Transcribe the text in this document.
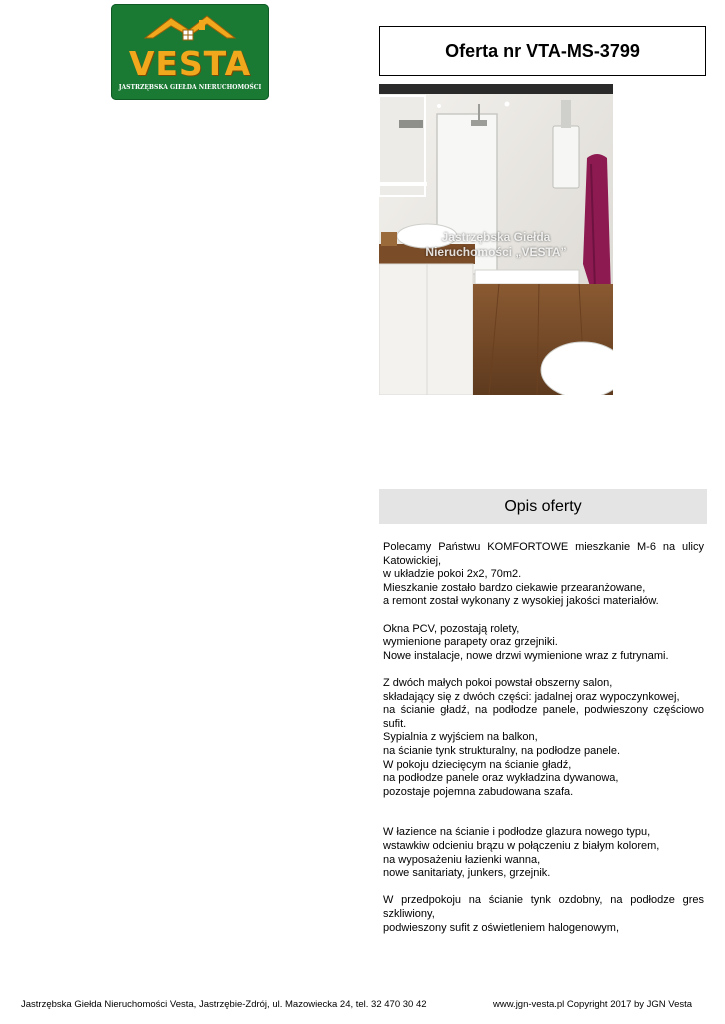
VESTA
JASTRZĘBSKA GIEŁDA NIERUCHOMOŚCI
Oferta nr VTA-MS-3799
Jastrzębska Giełda
Nieruchomości „VESTA”
Opis oferty

Polecamy Państwu KOMFORTOWE mieszkanie M-6 na ulicy Katowickiej,
w układzie pokoi 2x2, 70m2.
Mieszkanie zostało bardzo ciekawie przearanżowane,
a remont został wykonany z wysokiej jakości materiałów.

Okna PCV, pozostają rolety,
wymienione parapety oraz grzejniki.
Nowe instalacje, nowe drzwi wymienione wraz z futrynami.

Z dwóch małych pokoi powstał obszerny salon,
składający się z dwóch części: jadalnej oraz wypoczynkowej,
na ścianie gładź, na podłodze panele, podwieszony częściowo sufit.
Sypialnia z wyjściem na balkon,
na ścianie tynk strukturalny, na podłodze panele.
W pokoju dziecięcym na ścianie gładź,
na podłodze panele oraz wykładzina dywanowa,
pozostaje pojemna zabudowana szafa.

W łazience na ścianie i podłodze glazura nowego typu,
wstawkiw odcieniu brązu w połączeniu z białym kolorem,
na wyposażeniu łazienki wanna,
nowe sanitariaty, junkers, grzejnik.

W przedpokoju na ścianie tynk ozdobny, na podłodze gres szkliwiony,
podwieszony sufit z oświetleniem halogenowym,

Jastrzębska Giełda Nieruchomości Vesta, Jastrzębie-Zdrój, ul. Mazowiecka 24, tel. 32 470 30 42	www.jgn-vesta.pl Copyright 2017 by JGN Vesta
